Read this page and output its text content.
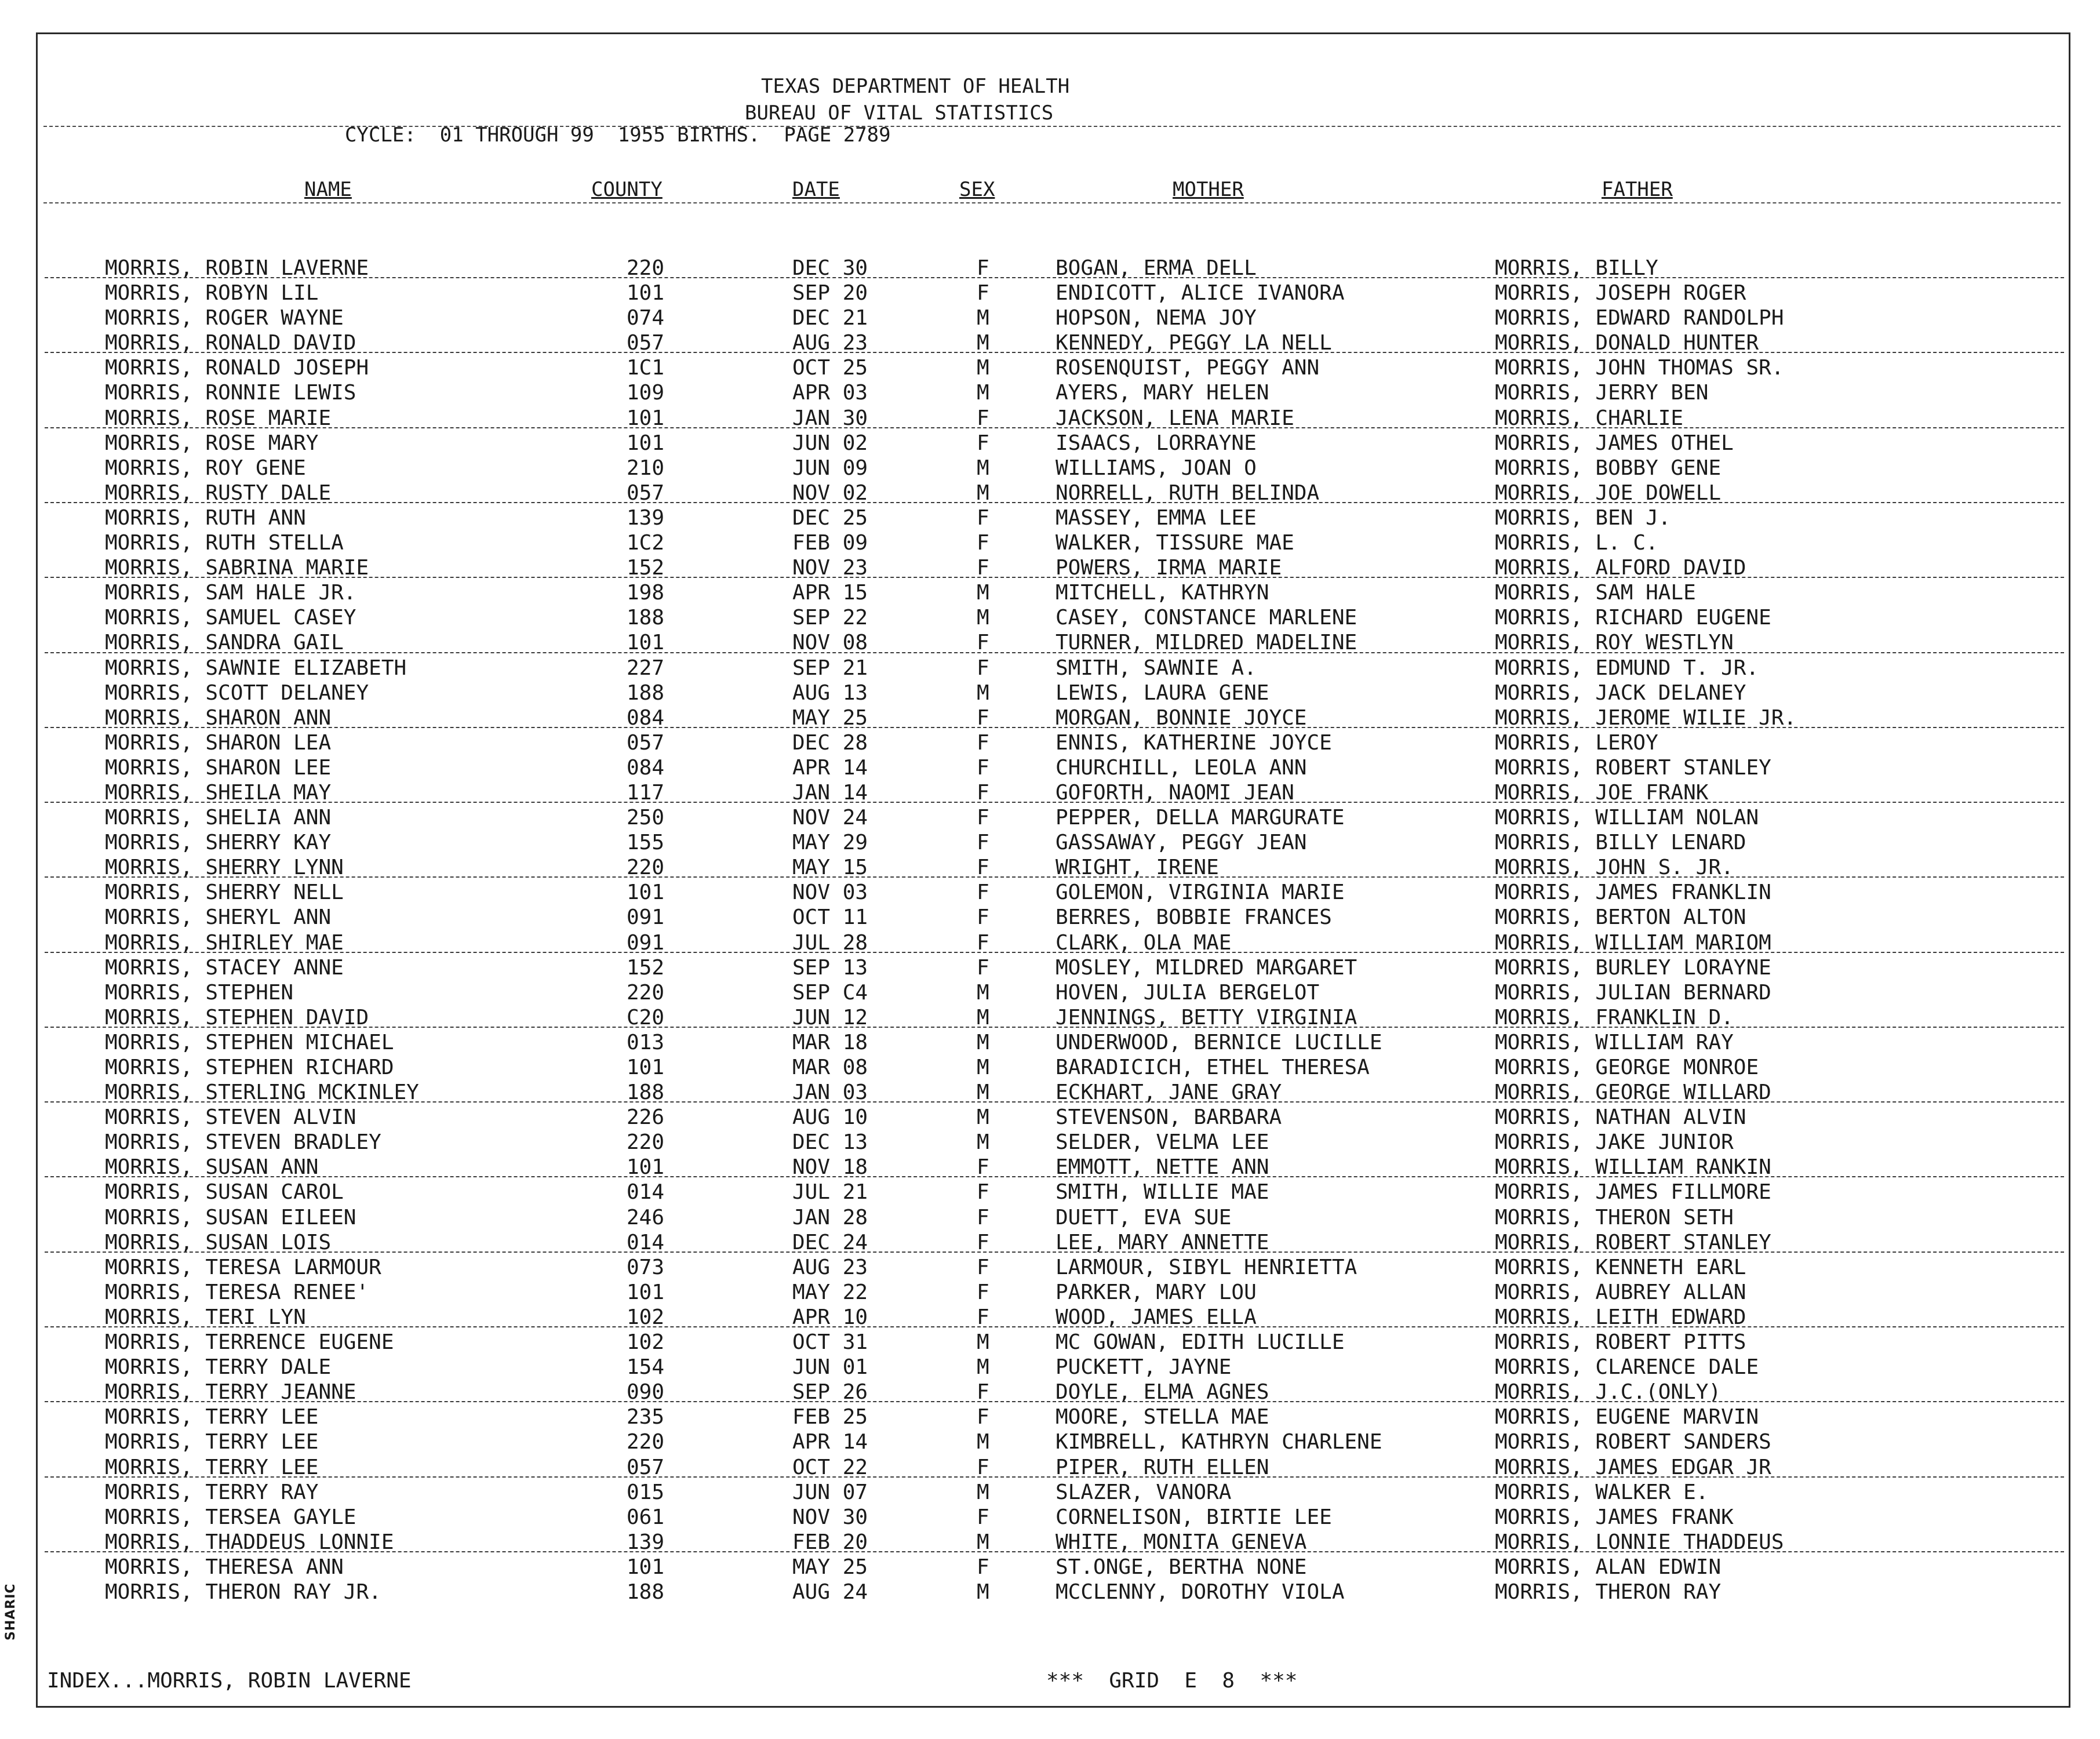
SHARIC
TEXAS DEPARTMENT OF HEALTH
BUREAU OF VITAL STATISTICS
CYCLE:  01 THROUGH 99  1955 BIRTHS.  PAGE 2789
NAME	COUNTY	DATE	SEX	MOTHER	FATHER
MORRIS, ROBIN LAVERNE	220	DEC 30	F	BOGAN, ERMA DELL	MORRIS, BILLY
MORRIS, ROBYN LIL	101	SEP 20	F	ENDICOTT, ALICE IVANORA	MORRIS, JOSEPH ROGER
MORRIS, ROGER WAYNE	074	DEC 21	M	HOPSON, NEMA JOY	MORRIS, EDWARD RANDOLPH
MORRIS, RONALD DAVID	057	AUG 23	M	KENNEDY, PEGGY LA NELL	MORRIS, DONALD HUNTER
MORRIS, RONALD JOSEPH	1C1	OCT 25	M	ROSENQUIST, PEGGY ANN	MORRIS, JOHN THOMAS SR.
MORRIS, RONNIE LEWIS	109	APR 03	M	AYERS, MARY HELEN	MORRIS, JERRY BEN
MORRIS, ROSE MARIE	101	JAN 30	F	JACKSON, LENA MARIE	MORRIS, CHARLIE
MORRIS, ROSE MARY	101	JUN 02	F	ISAACS, LORRAYNE	MORRIS, JAMES OTHEL
MORRIS, ROY GENE	210	JUN 09	M	WILLIAMS, JOAN O	MORRIS, BOBBY GENE
MORRIS, RUSTY DALE	057	NOV 02	M	NORRELL, RUTH BELINDA	MORRIS, JOE DOWELL
MORRIS, RUTH ANN	139	DEC 25	F	MASSEY, EMMA LEE	MORRIS, BEN J.
MORRIS, RUTH STELLA	1C2	FEB 09	F	WALKER, TISSURE MAE	MORRIS, L. C.
MORRIS, SABRINA MARIE	152	NOV 23	F	POWERS, IRMA MARIE	MORRIS, ALFORD DAVID
MORRIS, SAM HALE JR.	198	APR 15	M	MITCHELL, KATHRYN	MORRIS, SAM HALE
MORRIS, SAMUEL CASEY	188	SEP 22	M	CASEY, CONSTANCE MARLENE	MORRIS, RICHARD EUGENE
MORRIS, SANDRA GAIL	101	NOV 08	F	TURNER, MILDRED MADELINE	MORRIS, ROY WESTLYN
MORRIS, SAWNIE ELIZABETH	227	SEP 21	F	SMITH, SAWNIE A.	MORRIS, EDMUND T. JR.
MORRIS, SCOTT DELANEY	188	AUG 13	M	LEWIS, LAURA GENE	MORRIS, JACK DELANEY
MORRIS, SHARON ANN	084	MAY 25	F	MORGAN, BONNIE JOYCE	MORRIS, JEROME WILIE JR.
MORRIS, SHARON LEA	057	DEC 28	F	ENNIS, KATHERINE JOYCE	MORRIS, LEROY
MORRIS, SHARON LEE	084	APR 14	F	CHURCHILL, LEOLA ANN	MORRIS, ROBERT STANLEY
MORRIS, SHEILA MAY	117	JAN 14	F	GOFORTH, NAOMI JEAN	MORRIS, JOE FRANK
MORRIS, SHELIA ANN	250	NOV 24	F	PEPPER, DELLA MARGURATE	MORRIS, WILLIAM NOLAN
MORRIS, SHERRY KAY	155	MAY 29	F	GASSAWAY, PEGGY JEAN	MORRIS, BILLY LENARD
MORRIS, SHERRY LYNN	220	MAY 15	F	WRIGHT, IRENE	MORRIS, JOHN S. JR.
MORRIS, SHERRY NELL	101	NOV 03	F	GOLEMON, VIRGINIA MARIE	MORRIS, JAMES FRANKLIN
MORRIS, SHERYL ANN	091	OCT 11	F	BERRES, BOBBIE FRANCES	MORRIS, BERTON ALTON
MORRIS, SHIRLEY MAE	091	JUL 28	F	CLARK, OLA MAE	MORRIS, WILLIAM MARIOM
MORRIS, STACEY ANNE	152	SEP 13	F	MOSLEY, MILDRED MARGARET	MORRIS, BURLEY LORAYNE
MORRIS, STEPHEN	220	SEP C4	M	HOVEN, JULIA BERGELOT	MORRIS, JULIAN BERNARD
MORRIS, STEPHEN DAVID	C20	JUN 12	M	JENNINGS, BETTY VIRGINIA	MORRIS, FRANKLIN D.
MORRIS, STEPHEN MICHAEL	013	MAR 18	M	UNDERWOOD, BERNICE LUCILLE	MORRIS, WILLIAM RAY
MORRIS, STEPHEN RICHARD	101	MAR 08	M	BARADICICH, ETHEL THERESA	MORRIS, GEORGE MONROE
MORRIS, STERLING MCKINLEY	188	JAN 03	M	ECKHART, JANE GRAY	MORRIS, GEORGE WILLARD
MORRIS, STEVEN ALVIN	226	AUG 10	M	STEVENSON, BARBARA	MORRIS, NATHAN ALVIN
MORRIS, STEVEN BRADLEY	220	DEC 13	M	SELDER, VELMA LEE	MORRIS, JAKE JUNIOR
MORRIS, SUSAN ANN	101	NOV 18	F	EMMOTT, NETTE ANN	MORRIS, WILLIAM RANKIN
MORRIS, SUSAN CAROL	014	JUL 21	F	SMITH, WILLIE MAE	MORRIS, JAMES FILLMORE
MORRIS, SUSAN EILEEN	246	JAN 28	F	DUETT, EVA SUE	MORRIS, THERON SETH
MORRIS, SUSAN LOIS	014	DEC 24	F	LEE, MARY ANNETTE	MORRIS, ROBERT STANLEY
MORRIS, TERESA LARMOUR	073	AUG 23	F	LARMOUR, SIBYL HENRIETTA	MORRIS, KENNETH EARL
MORRIS, TERESA RENEE'	101	MAY 22	F	PARKER, MARY LOU	MORRIS, AUBREY ALLAN
MORRIS, TERI LYN	102	APR 10	F	WOOD, JAMES ELLA	MORRIS, LEITH EDWARD
MORRIS, TERRENCE EUGENE	102	OCT 31	M	MC GOWAN, EDITH LUCILLE	MORRIS, ROBERT PITTS
MORRIS, TERRY DALE	154	JUN 01	M	PUCKETT, JAYNE	MORRIS, CLARENCE DALE
MORRIS, TERRY JEANNE	090	SEP 26	F	DOYLE, ELMA AGNES	MORRIS, J.C.(ONLY)
MORRIS, TERRY LEE	235	FEB 25	F	MOORE, STELLA MAE	MORRIS, EUGENE MARVIN
MORRIS, TERRY LEE	220	APR 14	M	KIMBRELL, KATHRYN CHARLENE	MORRIS, ROBERT SANDERS
MORRIS, TERRY LEE	057	OCT 22	F	PIPER, RUTH ELLEN	MORRIS, JAMES EDGAR JR
MORRIS, TERRY RAY	015	JUN 07	M	SLAZER, VANORA	MORRIS, WALKER E.
MORRIS, TERSEA GAYLE	061	NOV 30	F	CORNELISON, BIRTIE LEE	MORRIS, JAMES FRANK
MORRIS, THADDEUS LONNIE	139	FEB 20	M	WHITE, MONITA GENEVA	MORRIS, LONNIE THADDEUS
MORRIS, THERESA ANN	101	MAY 25	F	ST.ONGE, BERTHA NONE	MORRIS, ALAN EDWIN
MORRIS, THERON RAY JR.	188	AUG 24	M	MCCLENNY, DOROTHY VIOLA	MORRIS, THERON RAY
INDEX...MORRIS, ROBIN LAVERNE	***  GRID  E  8  ***
